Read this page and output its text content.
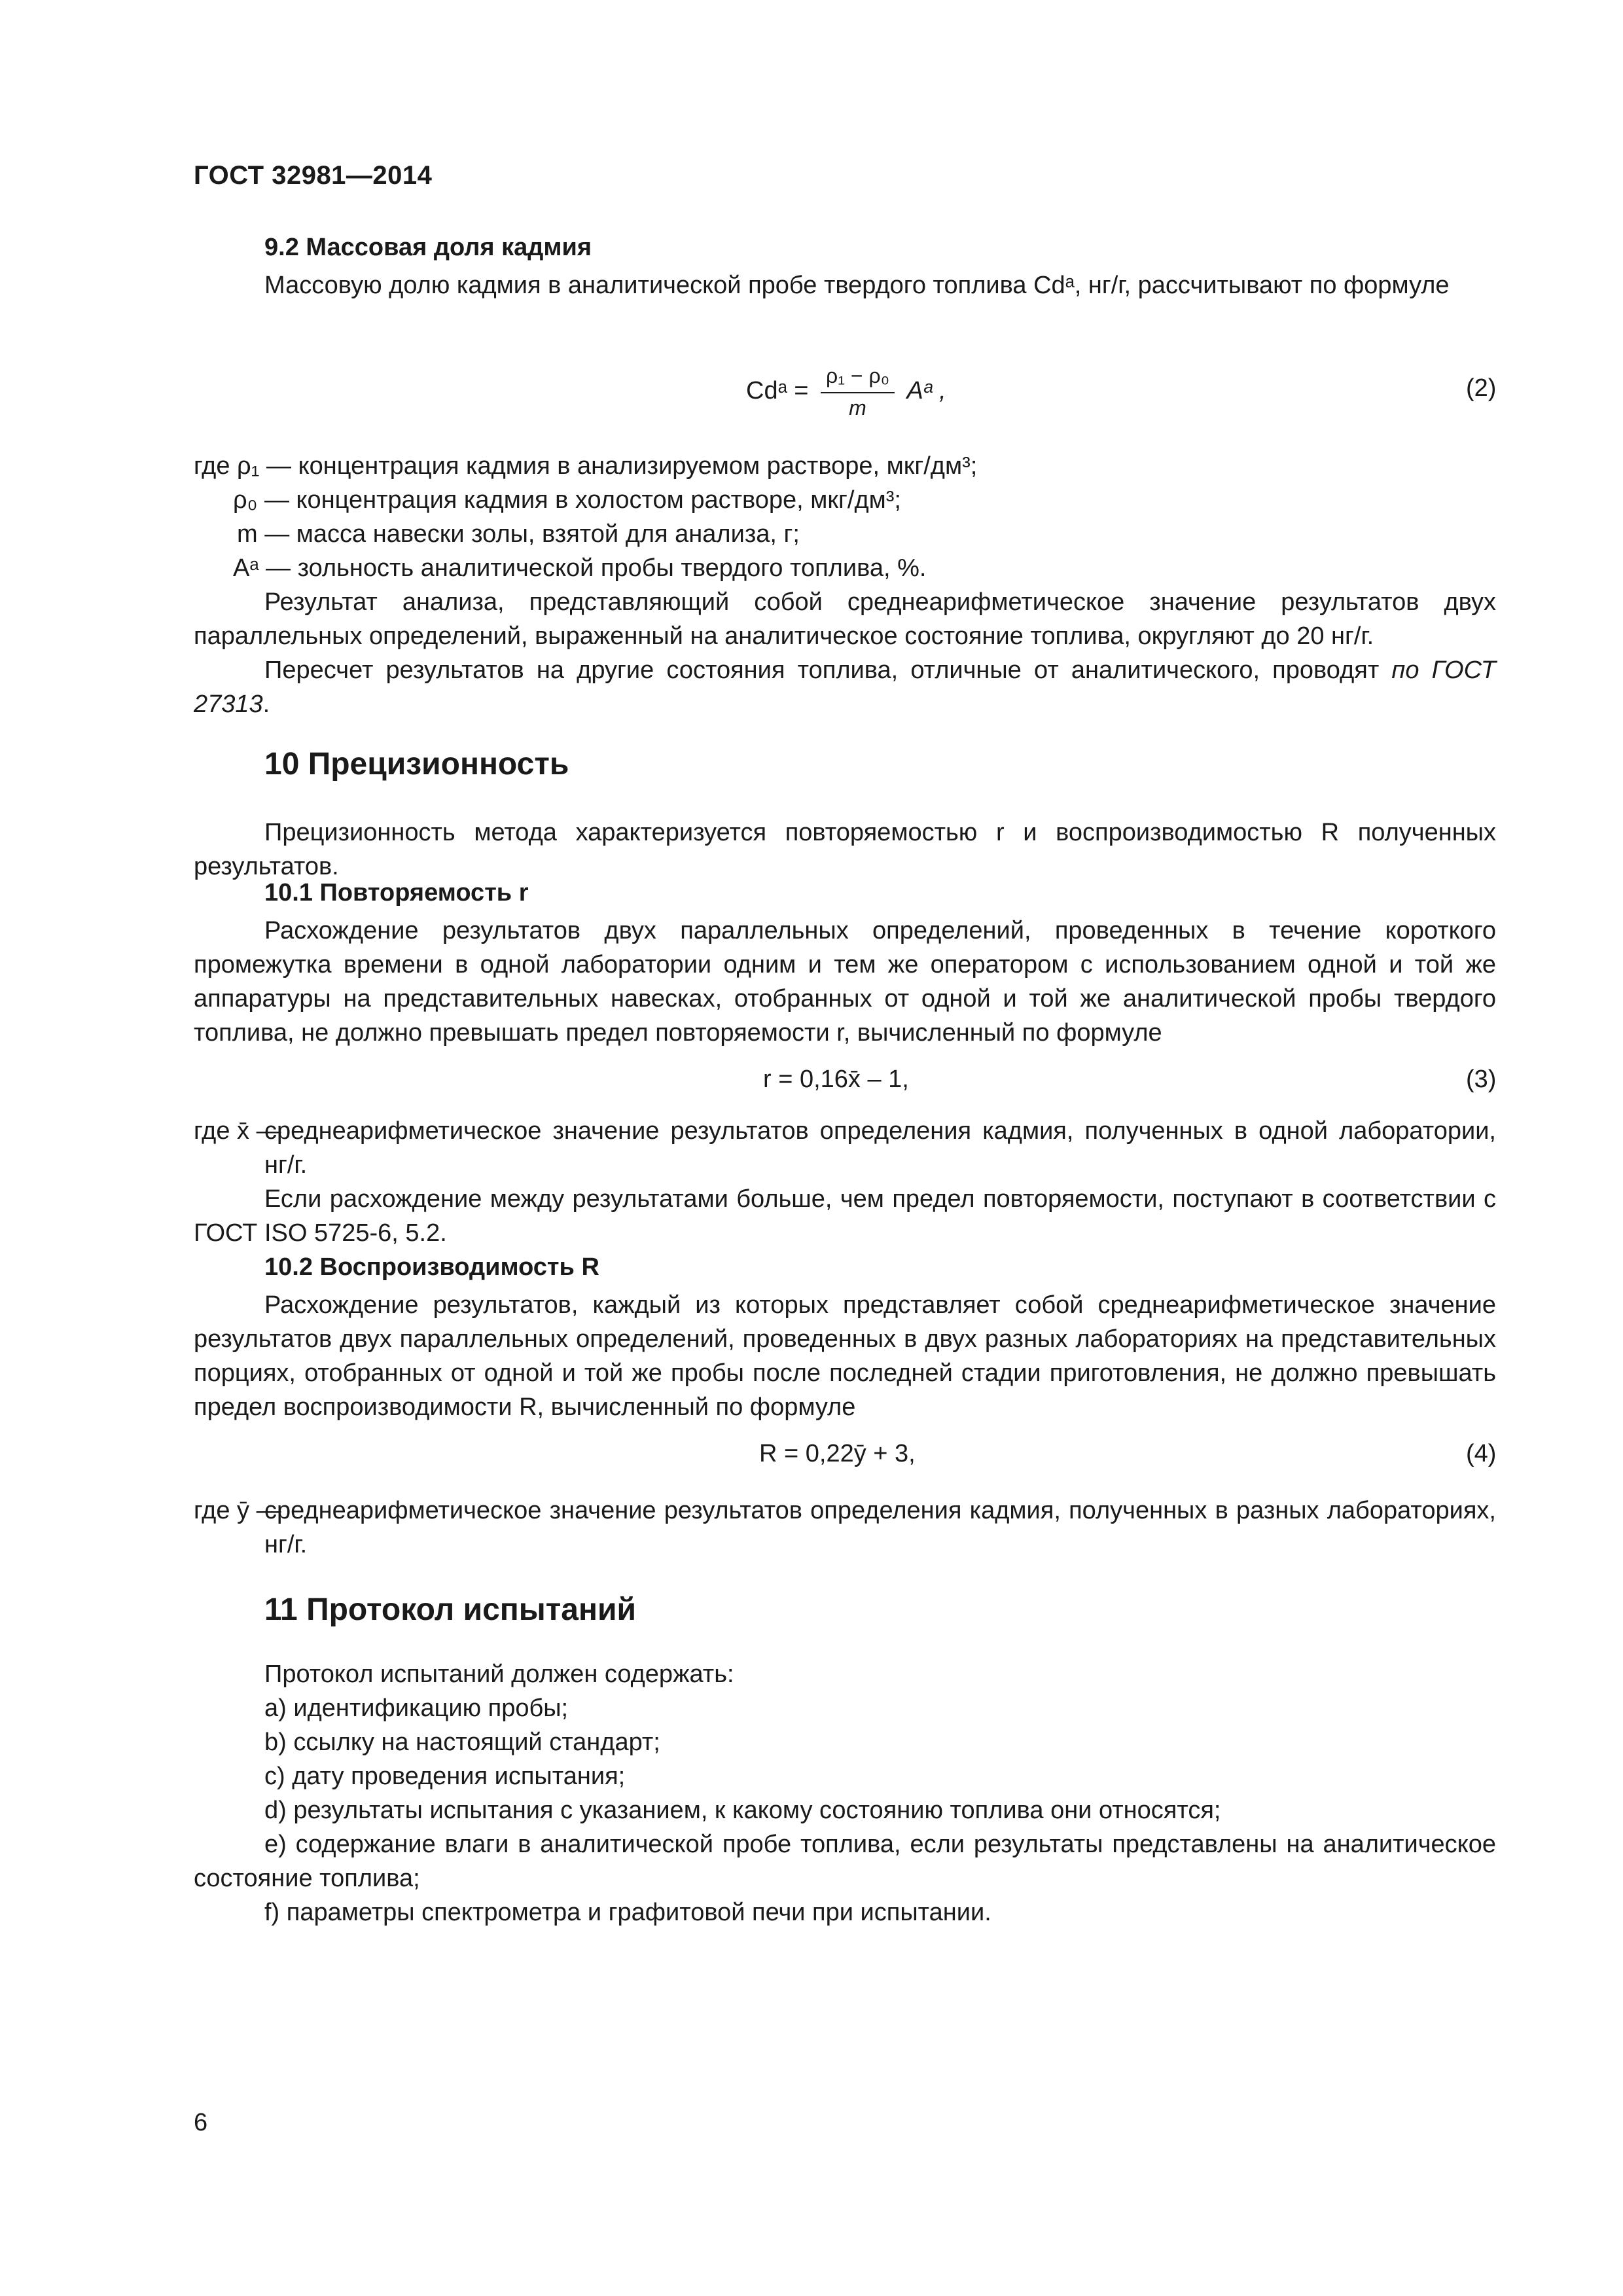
ГОСТ 32981—2014
9.2 Массовая доля кадмия
Массовую долю кадмия в аналитической пробе твердого топлива Cdᵃ, нг/г, рассчитывают по формуле
Cdᵃ = $\frac{\text{ρ₁ − ρ₀}}{m}$ Aᵃ ,	(2)
где ρ₁ — концентрация кадмия в анализируемом растворе, мкг/дм³;
ρ₀ — концентрация кадмия в холостом растворе, мкг/дм³;
m — масса навески золы, взятой для анализа, г;
Aᵃ — зольность аналитической пробы твердого топлива, %.
Результат анализа, представляющий собой среднеарифметическое значение результатов двух параллельных определений, выраженный на аналитическое состояние топлива, округляют до 20 нг/г.
Пересчет результатов на другие состояния топлива, отличные от аналитического, проводят по ГОСТ 27313.
10 Прецизионность
Прецизионность метода характеризуется повторяемостью r и воспроизводимостью R полученных результатов.
10.1 Повторяемость r
Расхождение результатов двух параллельных определений, проведенных в течение короткого промежутка времени в одной лаборатории одним и тем же оператором с использованием одной и той же аппаратуры на представительных навесках, отобранных от одной и той же аналитической пробы твердого топлива, не должно превышать предел повторяемости r, вычисленный по формуле
r = 0,16x̄ – 1,	(3)
где x̄ —
среднеарифметическое значение результатов определения кадмия, полученных в одной лаборатории, нг/г.
Если расхождение между результатами больше, чем предел повторяемости, поступают в соответствии с ГОСТ ISO 5725-6, 5.2.
10.2 Воспроизводимость R
Расхождение результатов, каждый из которых представляет собой среднеарифметическое значение результатов двух параллельных определений, проведенных в двух разных лабораториях на представительных порциях, отобранных от одной и той же пробы после последней стадии приготовления, не должно превышать предел воспроизводимости R, вычисленный по формуле
R = 0,22ȳ + 3,	(4)
где ȳ —
среднеарифметическое значение результатов определения кадмия, полученных в разных лабораториях, нг/г.
11 Протокол испытаний
Протокол испытаний должен содержать:
а) идентификацию пробы;
b) ссылку на настоящий стандарт;
с) дату проведения испытания;
d) результаты испытания с указанием, к какому состоянию топлива они относятся;
е) содержание влаги в аналитической пробе топлива, если результаты представлены на аналитическое состояние топлива;
f) параметры спектрометра и графитовой печи при испытании.
6
